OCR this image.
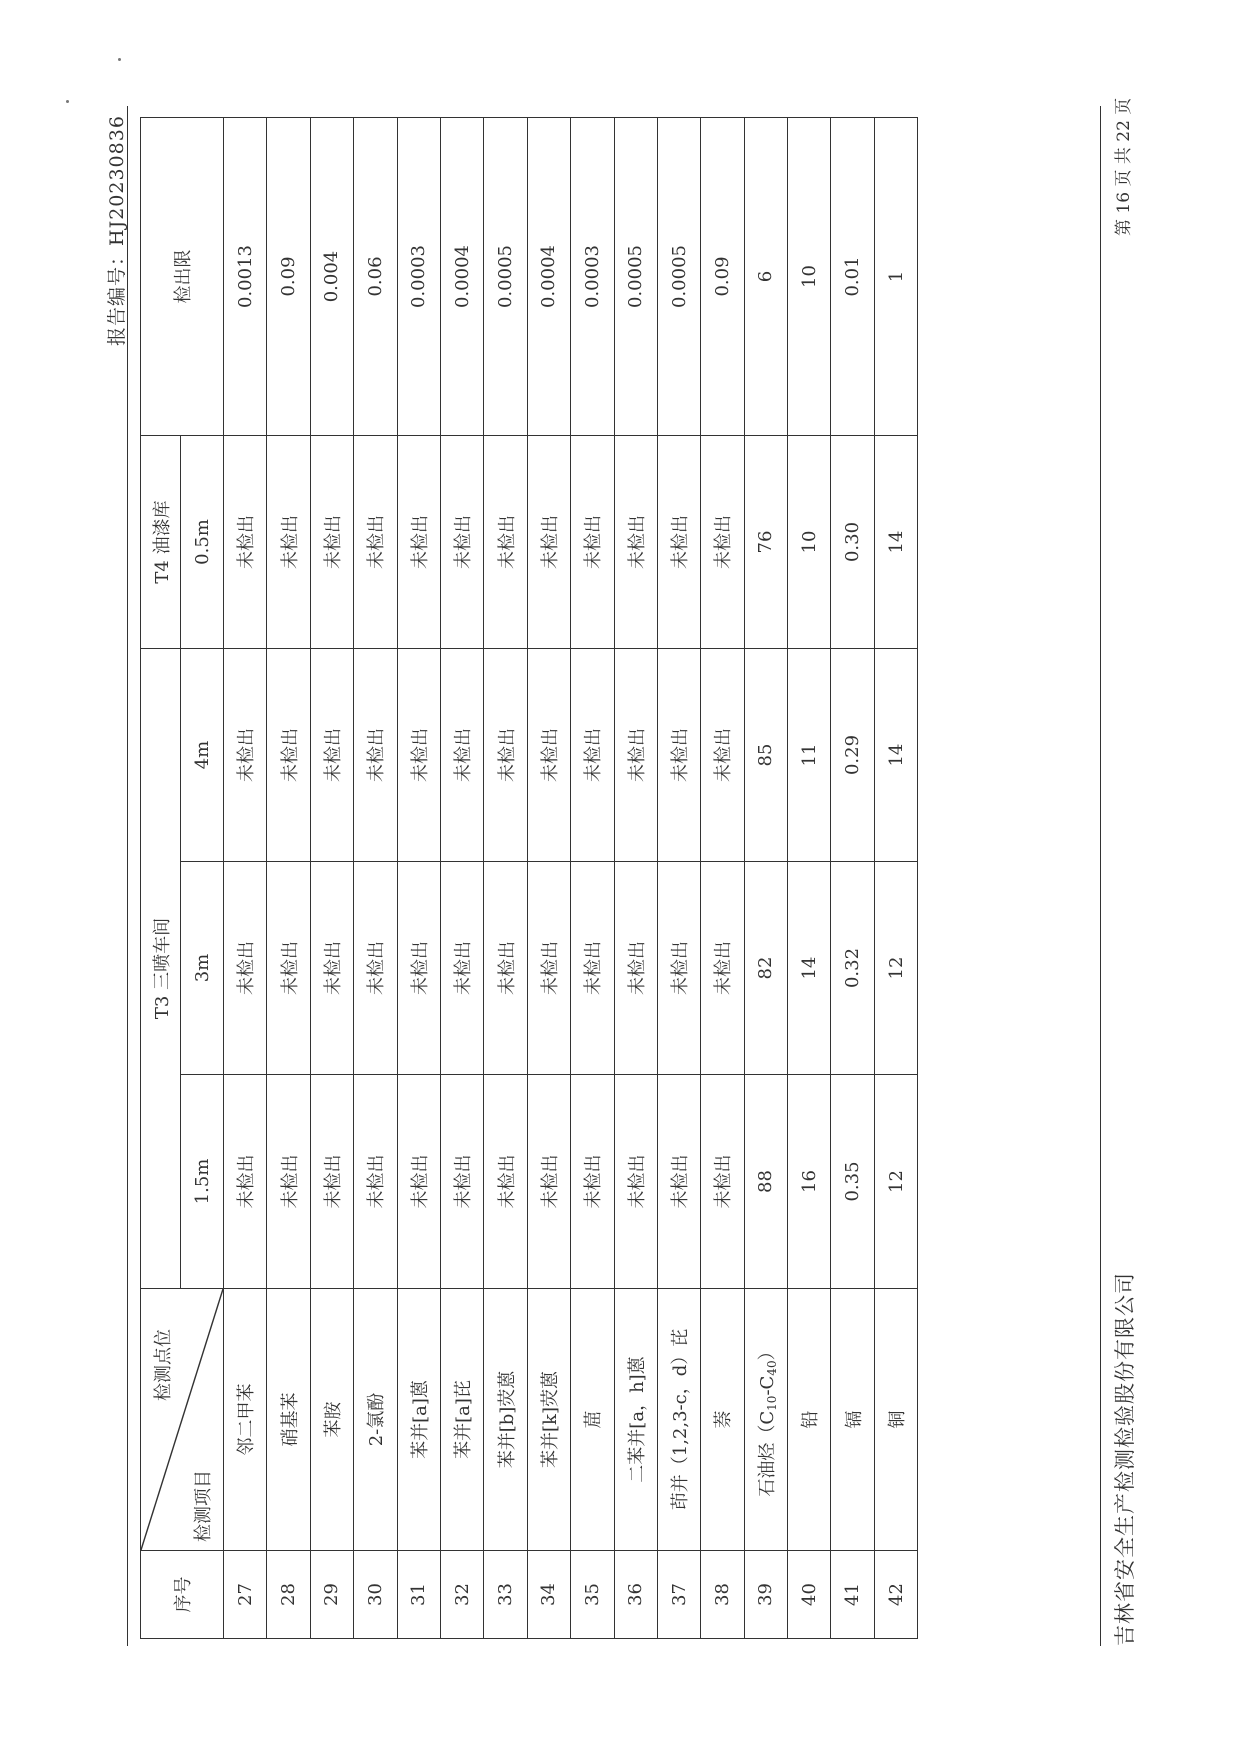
报告编号：HJ20230836
序号	检测点位
检测项目	T3 三喷车间			T4 油漆库	检出限
		1.5m	3m	4m	0.5m	
27	邻二甲苯	未检出	未检出	未检出	未检出	0.0013
28	硝基苯	未检出	未检出	未检出	未检出	0.09
29	苯胺	未检出	未检出	未检出	未检出	0.004
30	2-氯酚	未检出	未检出	未检出	未检出	0.06
31	苯并[a]蒽	未检出	未检出	未检出	未检出	0.0003
32	苯并[a]芘	未检出	未检出	未检出	未检出	0.0004
33	苯并[b]荧蒽	未检出	未检出	未检出	未检出	0.0005
34	苯并[k]荧蒽	未检出	未检出	未检出	未检出	0.0004
35	䓛	未检出	未检出	未检出	未检出	0.0003
36	二苯并[a，h]蒽	未检出	未检出	未检出	未检出	0.0005
37	茚并（1,2,3-c，d）芘	未检出	未检出	未检出	未检出	0.0005
38	萘	未检出	未检出	未检出	未检出	0.09
39	石油烃$(C_{10}-C_{40})$	88	82	85	76	6
40	铅	16	14	11	10	10
41	镉	0.35	0.32	0.29	0.30	0.01
42	铜	12	12	14	14	1
吉林省安全生产检测检验股份有限公司
第 16 页 共 22 页
